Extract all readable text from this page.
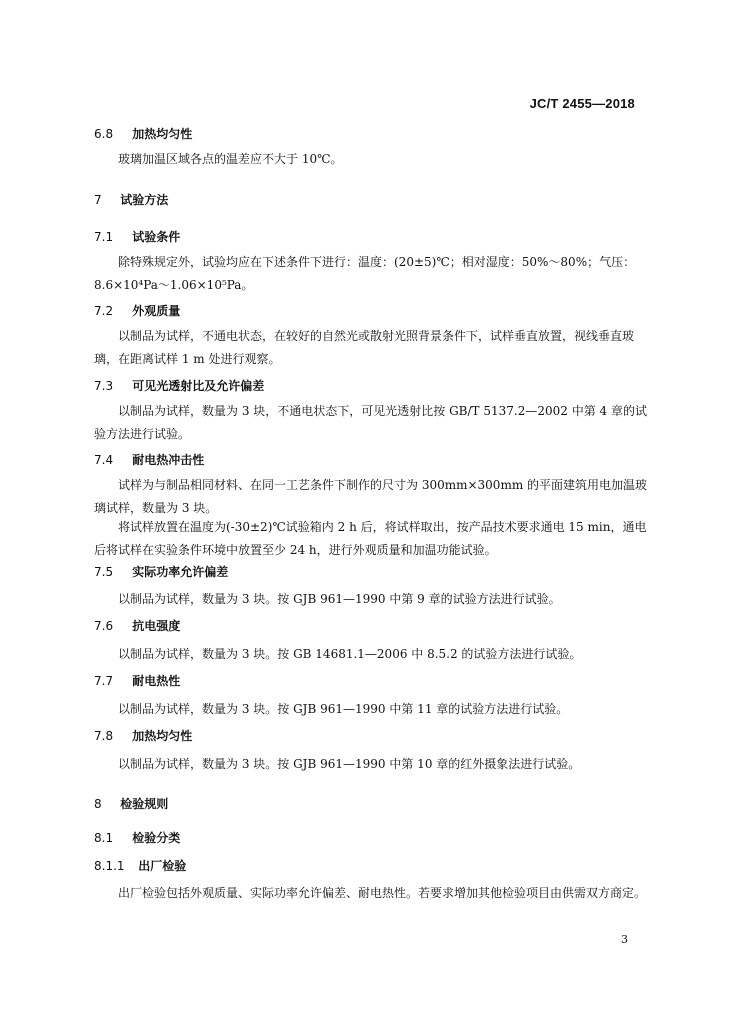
JC/T 2455—2018
6.8 加热均匀性

玻璃加温区域各点的温差应不大于 10℃。

7 试验方法
7.1 试验条件

除特殊规定外，试验均应在下述条件下进行：温度：(20±5)℃；相对湿度：50%～80%；气压：8.6×10⁴Pa～1.06×10⁵Pa。

7.2 外观质量

以制品为试样，不通电状态，在较好的自然光或散射光照背景条件下，试样垂直放置，视线垂直玻璃，在距离试样 1 m 处进行观察。

7.3 可见光透射比及允许偏差

以制品为试样，数量为 3 块，不通电状态下，可见光透射比按 GB/T 5137.2—2002 中第 4 章的试验方法进行试验。

7.4 耐电热冲击性

试样为与制品相同材料、在同一工艺条件下制作的尺寸为 300mm×300mm 的平面建筑用电加温玻璃试样，数量为 3 块。

将试样放置在温度为(-30±2)℃试验箱内 2 h 后，将试样取出，按产品技术要求通电 15 min，通电后将试样在实验条件环境中放置至少 24 h，进行外观质量和加温功能试验。

7.5 实际功率允许偏差

以制品为试样，数量为 3 块。按 GJB 961—1990 中第 9 章的试验方法进行试验。

7.6 抗电强度

以制品为试样，数量为 3 块。按 GB 14681.1—2006 中 8.5.2 的试验方法进行试验。

7.7 耐电热性

以制品为试样，数量为 3 块。按 GJB 961—1990 中第 11 章的试验方法进行试验。

7.8 加热均匀性

以制品为试样，数量为 3 块。按 GJB 961—1990 中第 10 章的红外摄象法进行试验。

8 检验规则
8.1 检验分类
8.1.1 出厂检验

出厂检验包括外观质量、实际功率允许偏差、耐电热性。若要求增加其他检验项目由供需双方商定。

3
